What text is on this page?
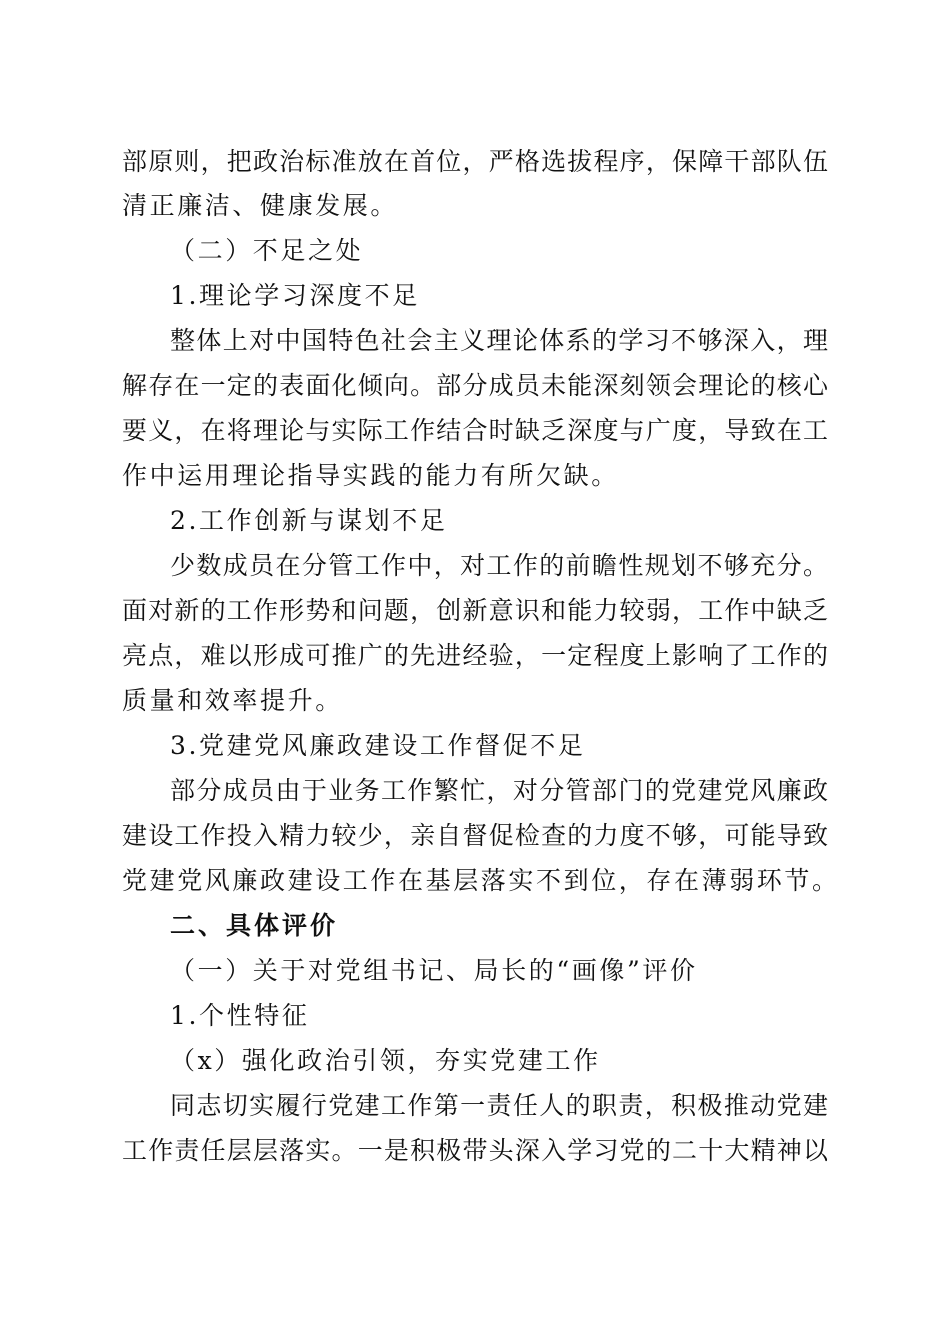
部原则，把政治标准放在首位，严格选拔程序，保障干部队伍
清正廉洁、健康发展。
（二）不足之处
1.理论学习深度不足
整体上对中国特色社会主义理论体系的学习不够深入，理
解存在一定的表面化倾向。部分成员未能深刻领会理论的核心
要义，在将理论与实际工作结合时缺乏深度与广度，导致在工
作中运用理论指导实践的能力有所欠缺。
2.工作创新与谋划不足
少数成员在分管工作中，对工作的前瞻性规划不够充分。
面对新的工作形势和问题，创新意识和能力较弱，工作中缺乏
亮点，难以形成可推广的先进经验，一定程度上影响了工作的
质量和效率提升。
3.党建党风廉政建设工作督促不足
部分成员由于业务工作繁忙，对分管部门的党建党风廉政
建设工作投入精力较少，亲自督促检查的力度不够，可能导致
党建党风廉政建设工作在基层落实不到位，存在薄弱环节。
二、具体评价
（一）关于对党组书记、局长的“画像”评价
1.个性特征
（x）强化政治引领，夯实党建工作
同志切实履行党建工作第一责任人的职责，积极推动党建
工作责任层层落实。一是积极带头深入学习党的二十大精神以
